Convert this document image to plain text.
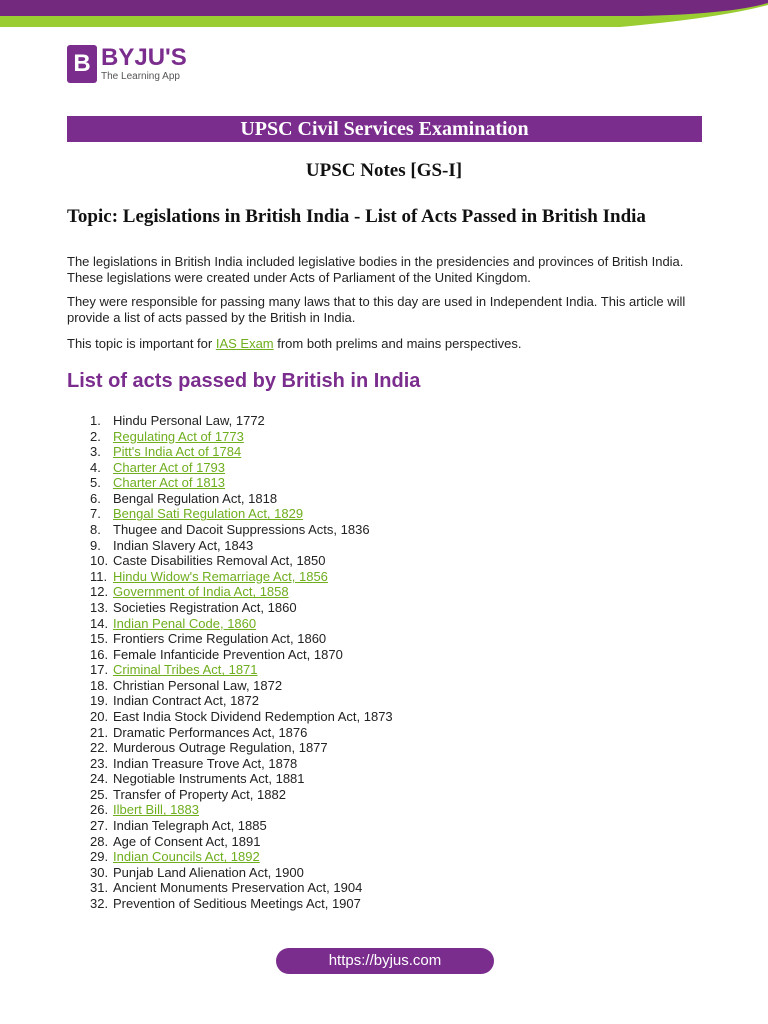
B BYJU'S
The Learning App
UPSC Civil Services Examination
UPSC Notes [GS-I]
Topic: Legislations in British India - List of Acts Passed in British India

The legislations in British India included legislative bodies in the presidencies and provinces of British India. These legislations were created under Acts of Parliament of the United Kingdom.

They were responsible for passing many laws that to this day are used in Independent India. This article will provide a list of acts passed by the British in India.

This topic is important for IAS Exam from both prelims and mains perspectives.

List of acts passed by British in India
1. Hindu Personal Law, 1772
2. Regulating Act of 1773
3. Pitt's India Act of 1784
4. Charter Act of 1793
5. Charter Act of 1813
6. Bengal Regulation Act, 1818
7. Bengal Sati Regulation Act, 1829
8. Thugee and Dacoit Suppressions Acts, 1836
9. Indian Slavery Act, 1843
10. Caste Disabilities Removal Act, 1850
11. Hindu Widow's Remarriage Act, 1856
12. Government of India Act, 1858
13. Societies Registration Act, 1860
14. Indian Penal Code, 1860
15. Frontiers Crime Regulation Act, 1860
16. Female Infanticide Prevention Act, 1870
17. Criminal Tribes Act, 1871
18. Christian Personal Law, 1872
19. Indian Contract Act, 1872
20. East India Stock Dividend Redemption Act, 1873
21. Dramatic Performances Act, 1876
22. Murderous Outrage Regulation, 1877
23. Indian Treasure Trove Act, 1878
24. Negotiable Instruments Act, 1881
25. Transfer of Property Act, 1882
26. Ilbert Bill, 1883
27. Indian Telegraph Act, 1885
28. Age of Consent Act, 1891
29. Indian Councils Act, 1892
30. Punjab Land Alienation Act, 1900
31. Ancient Monuments Preservation Act, 1904
32. Prevention of Seditious Meetings Act, 1907
https://byjus.com
